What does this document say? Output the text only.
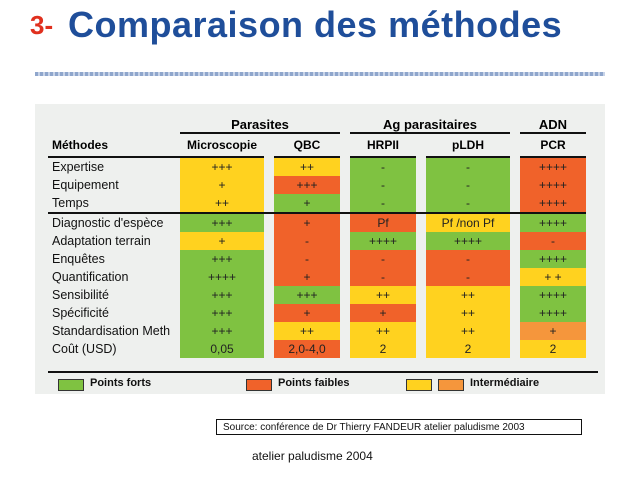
3- Comparaison des méthodes
	Parasites				Ag parasitaires				ADN
Méthodes	Microscopie		QBC		HRPII		pLDH		PCR
Expertise	+++		++		-		-		++++
Equipement	+		+++		-		-		++++
Temps	++		+		-		-		++++
Diagnostic d'espèce	+++		+		Pf		Pf /non Pf		++++
Adaptation terrain	+		-		++++		++++		-
Enquêtes	+++		-		-		-		++++
Quantification	++++		+		-		-		+ +
Sensibilité	+++		+++		++		++		++++
Spécificité	+++		+		+		++		++++
Standardisation Meth	+++		++		++		++		+
Coût (USD)	0,05		2,0-4,0		2		2		2
Points forts	Points faibles	Intermédiaire
Source: conférence de Dr Thierry FANDEUR atelier paludisme 2003
atelier paludisme 2004
